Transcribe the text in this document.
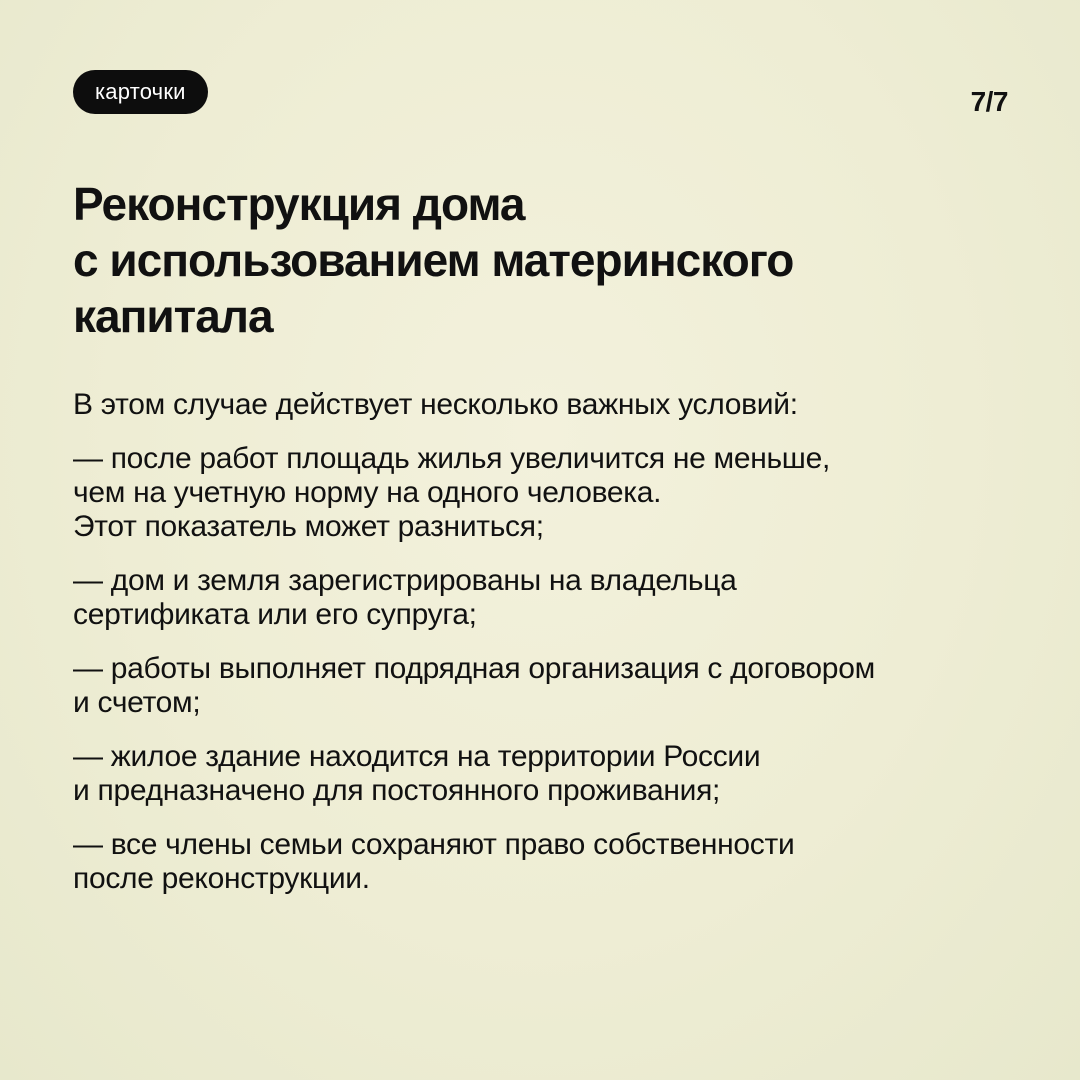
карточки	7/7
Реконструкция дома
с использованием материнского
капитала

В этом случае действует несколько важных условий:

— после работ площадь жилья увеличится не меньше,
чем на учетную норму на одного человека.
Этот показатель может разниться;

— дом и земля зарегистрированы на владельца
сертификата или его супруга;

— работы выполняет подрядная организация с договором
и счетом;

— жилое здание находится на территории России
и предназначено для постоянного проживания;

— все члены семьи сохраняют право собственности
после реконструкции.
